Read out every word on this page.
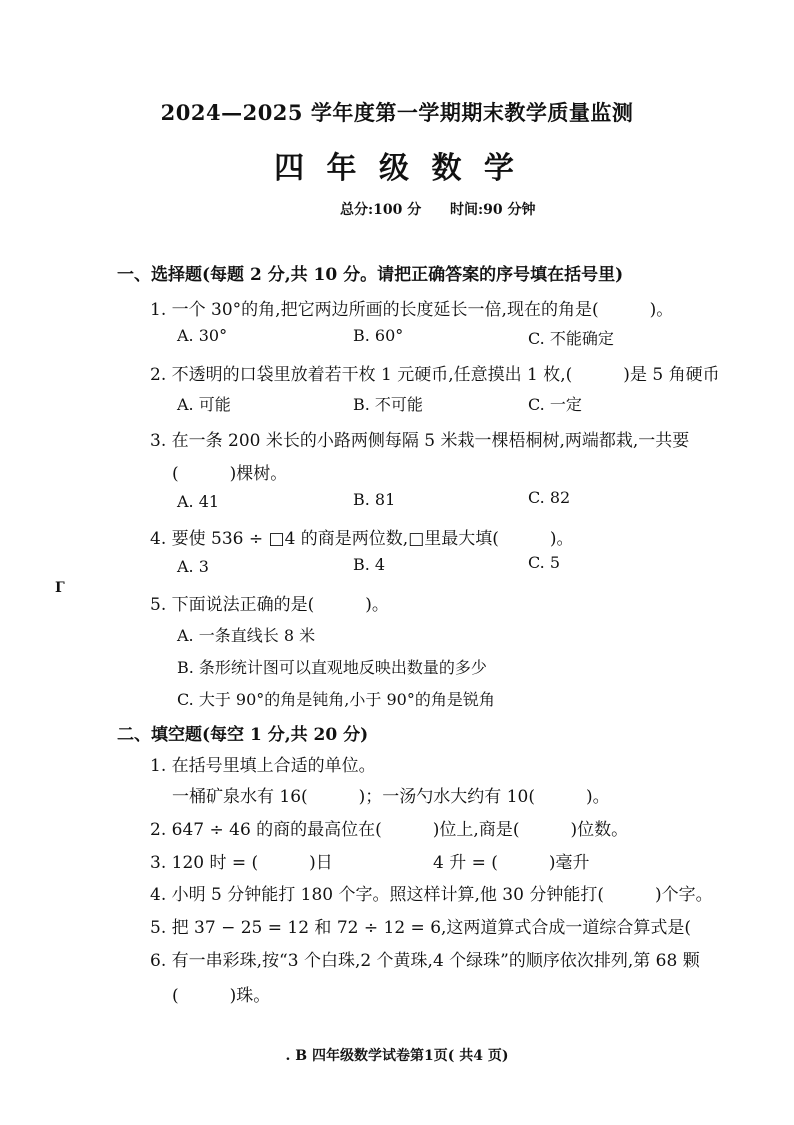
2024—2025 学年度第一学期期末教学质量监测
四 年 级 数 学
总分:100 分 时间:90 分钟
Г
一、选择题(每题 2 分,共 10 分。请把正确答案的序号填在括号里)
1. 一个 30°的角,把它两边所画的长度延长一倍,现在的角是(　　　)。
A. 30°	B. 60°	C. 不能确定
2. 不透明的口袋里放着若干枚 1 元硬币,任意摸出 1 枚,(　　　)是 5 角硬币
A. 可能	B. 不可能	C. 一定
3. 在一条 200 米长的小路两侧每隔 5 米栽一棵梧桐树,两端都栽,一共要
(　　　)棵树。
A. 41	B. 81	C. 82
4. 要使 536 ÷ □4 的商是两位数,□里最大填(　　　)。
A. 3	B. 4	C. 5
5. 下面说法正确的是(　　　)。
A. 一条直线长 8 米
B. 条形统计图可以直观地反映出数量的多少
C. 大于 90°的角是钝角,小于 90°的角是锐角
二、填空题(每空 1 分,共 20 分)
1. 在括号里填上合适的单位。
一桶矿泉水有 16(　　　)；一汤勺水大约有 10(　　　)。
2. 647 ÷ 46 的商的最高位在(　　　)位上,商是(　　　)位数。
3. 120 时 = (　　　)日	4 升 = (　　　)毫升
4. 小明 5 分钟能打 180 个字。照这样计算,他 30 分钟能打(　　　)个字。
5. 把 37 − 25 = 12 和 72 ÷ 12 = 6,这两道算式合成一道综合算式是(
6. 有一串彩珠,按“3 个白珠,2 个黄珠,4 个绿珠”的顺序依次排列,第 68 颗
(　　　)珠。
. B 四年级数学试卷第1页( 共4 页)
